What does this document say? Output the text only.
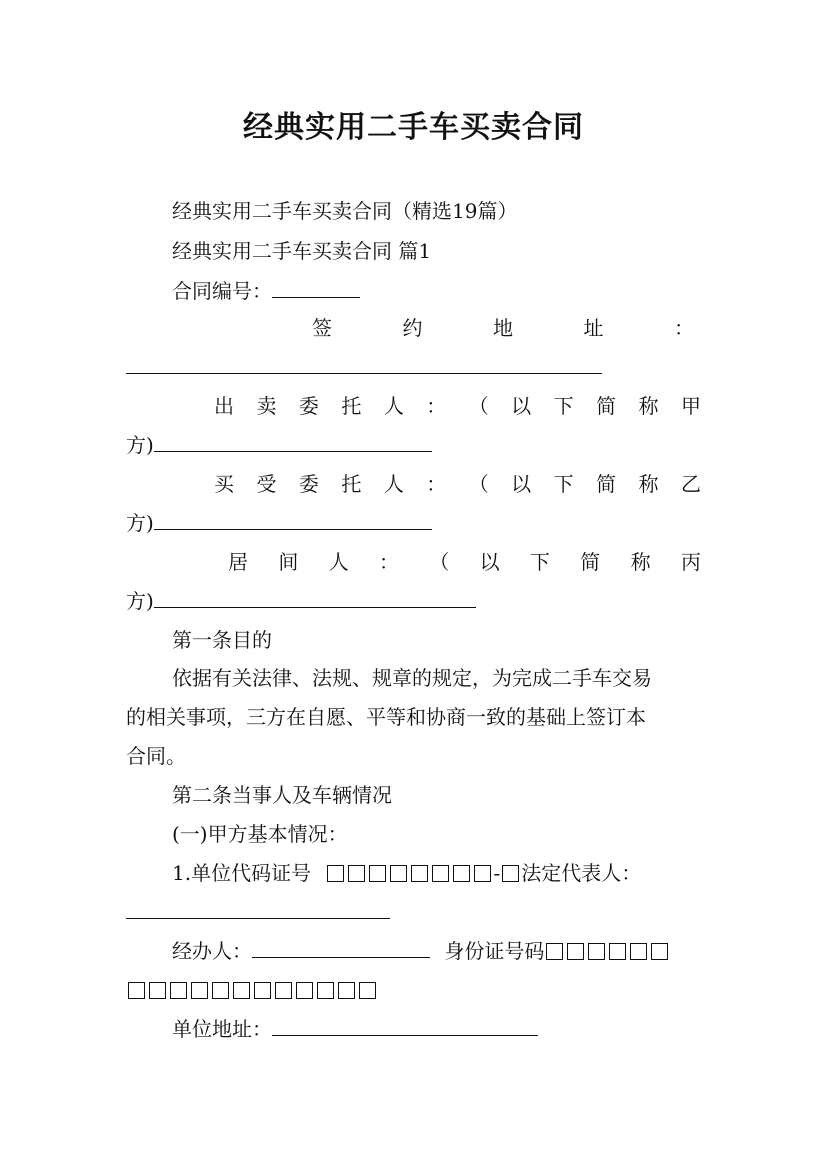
经典实用二手车买卖合同
经典实用二手车买卖合同（精选19篇）
经典实用二手车买卖合同 篇1
合同编号：
签	约	地	址	：
出 卖 委 托 人 ： （ 以 下 简 称 甲
方)
买 受 委 托 人 ： （ 以 下 简 称 乙
方)
居 间 人 ： （ 以 下 简 称 丙
方)
第一条目的
依据有关法律、法规、规章的规定，为完成二手车交易
的相关事项，三方在自愿、平等和协商一致的基础上签订本
合同。
第二条当事人及车辆情况
(一)甲方基本情况：
1.单位代码证号	- 法定代表人：
经办人：	身份证号码
单位地址：
